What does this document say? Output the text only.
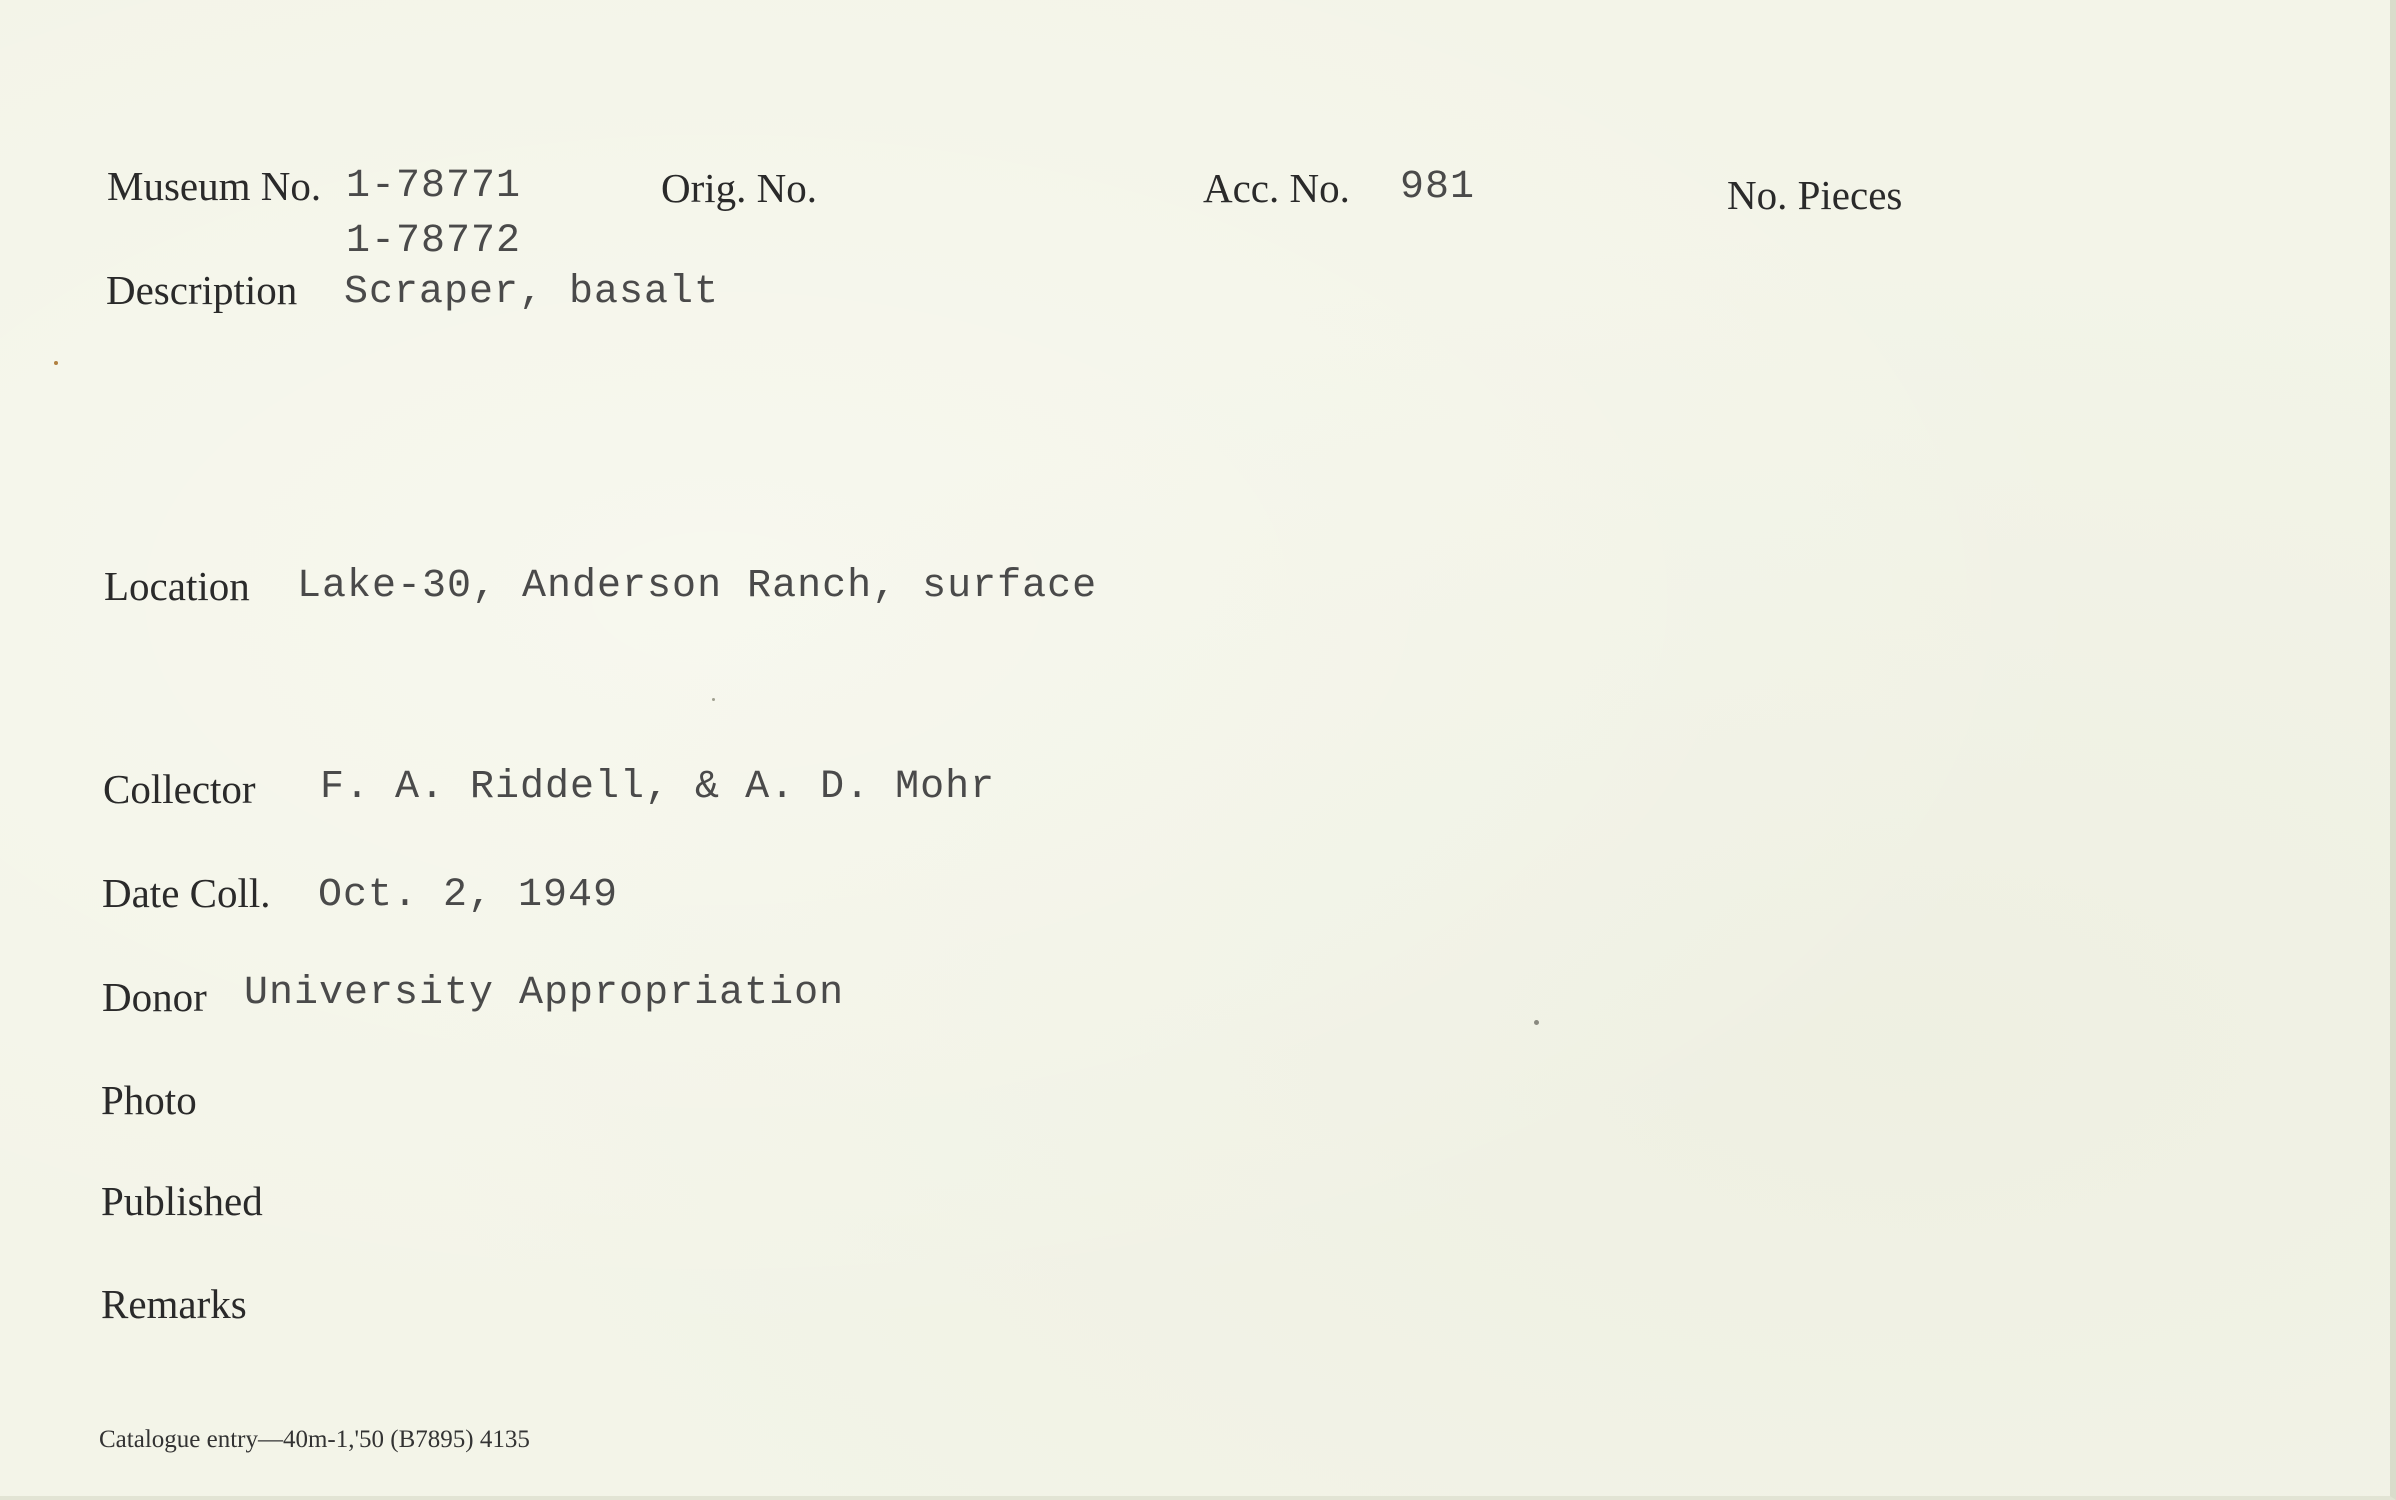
Museum No. 1-78771
1-78772
Orig. No.	Acc. No. 981	No. Pieces
Description Scraper, basalt
Location Lake-30, Anderson Ranch, surface
Collector F. A. Riddell, & A. D. Mohr
Date Coll. Oct. 2, 1949
Donor University Appropriation
Photo
Published
Remarks
Catalogue entry—40m-1,'50 (B7895) 4135
